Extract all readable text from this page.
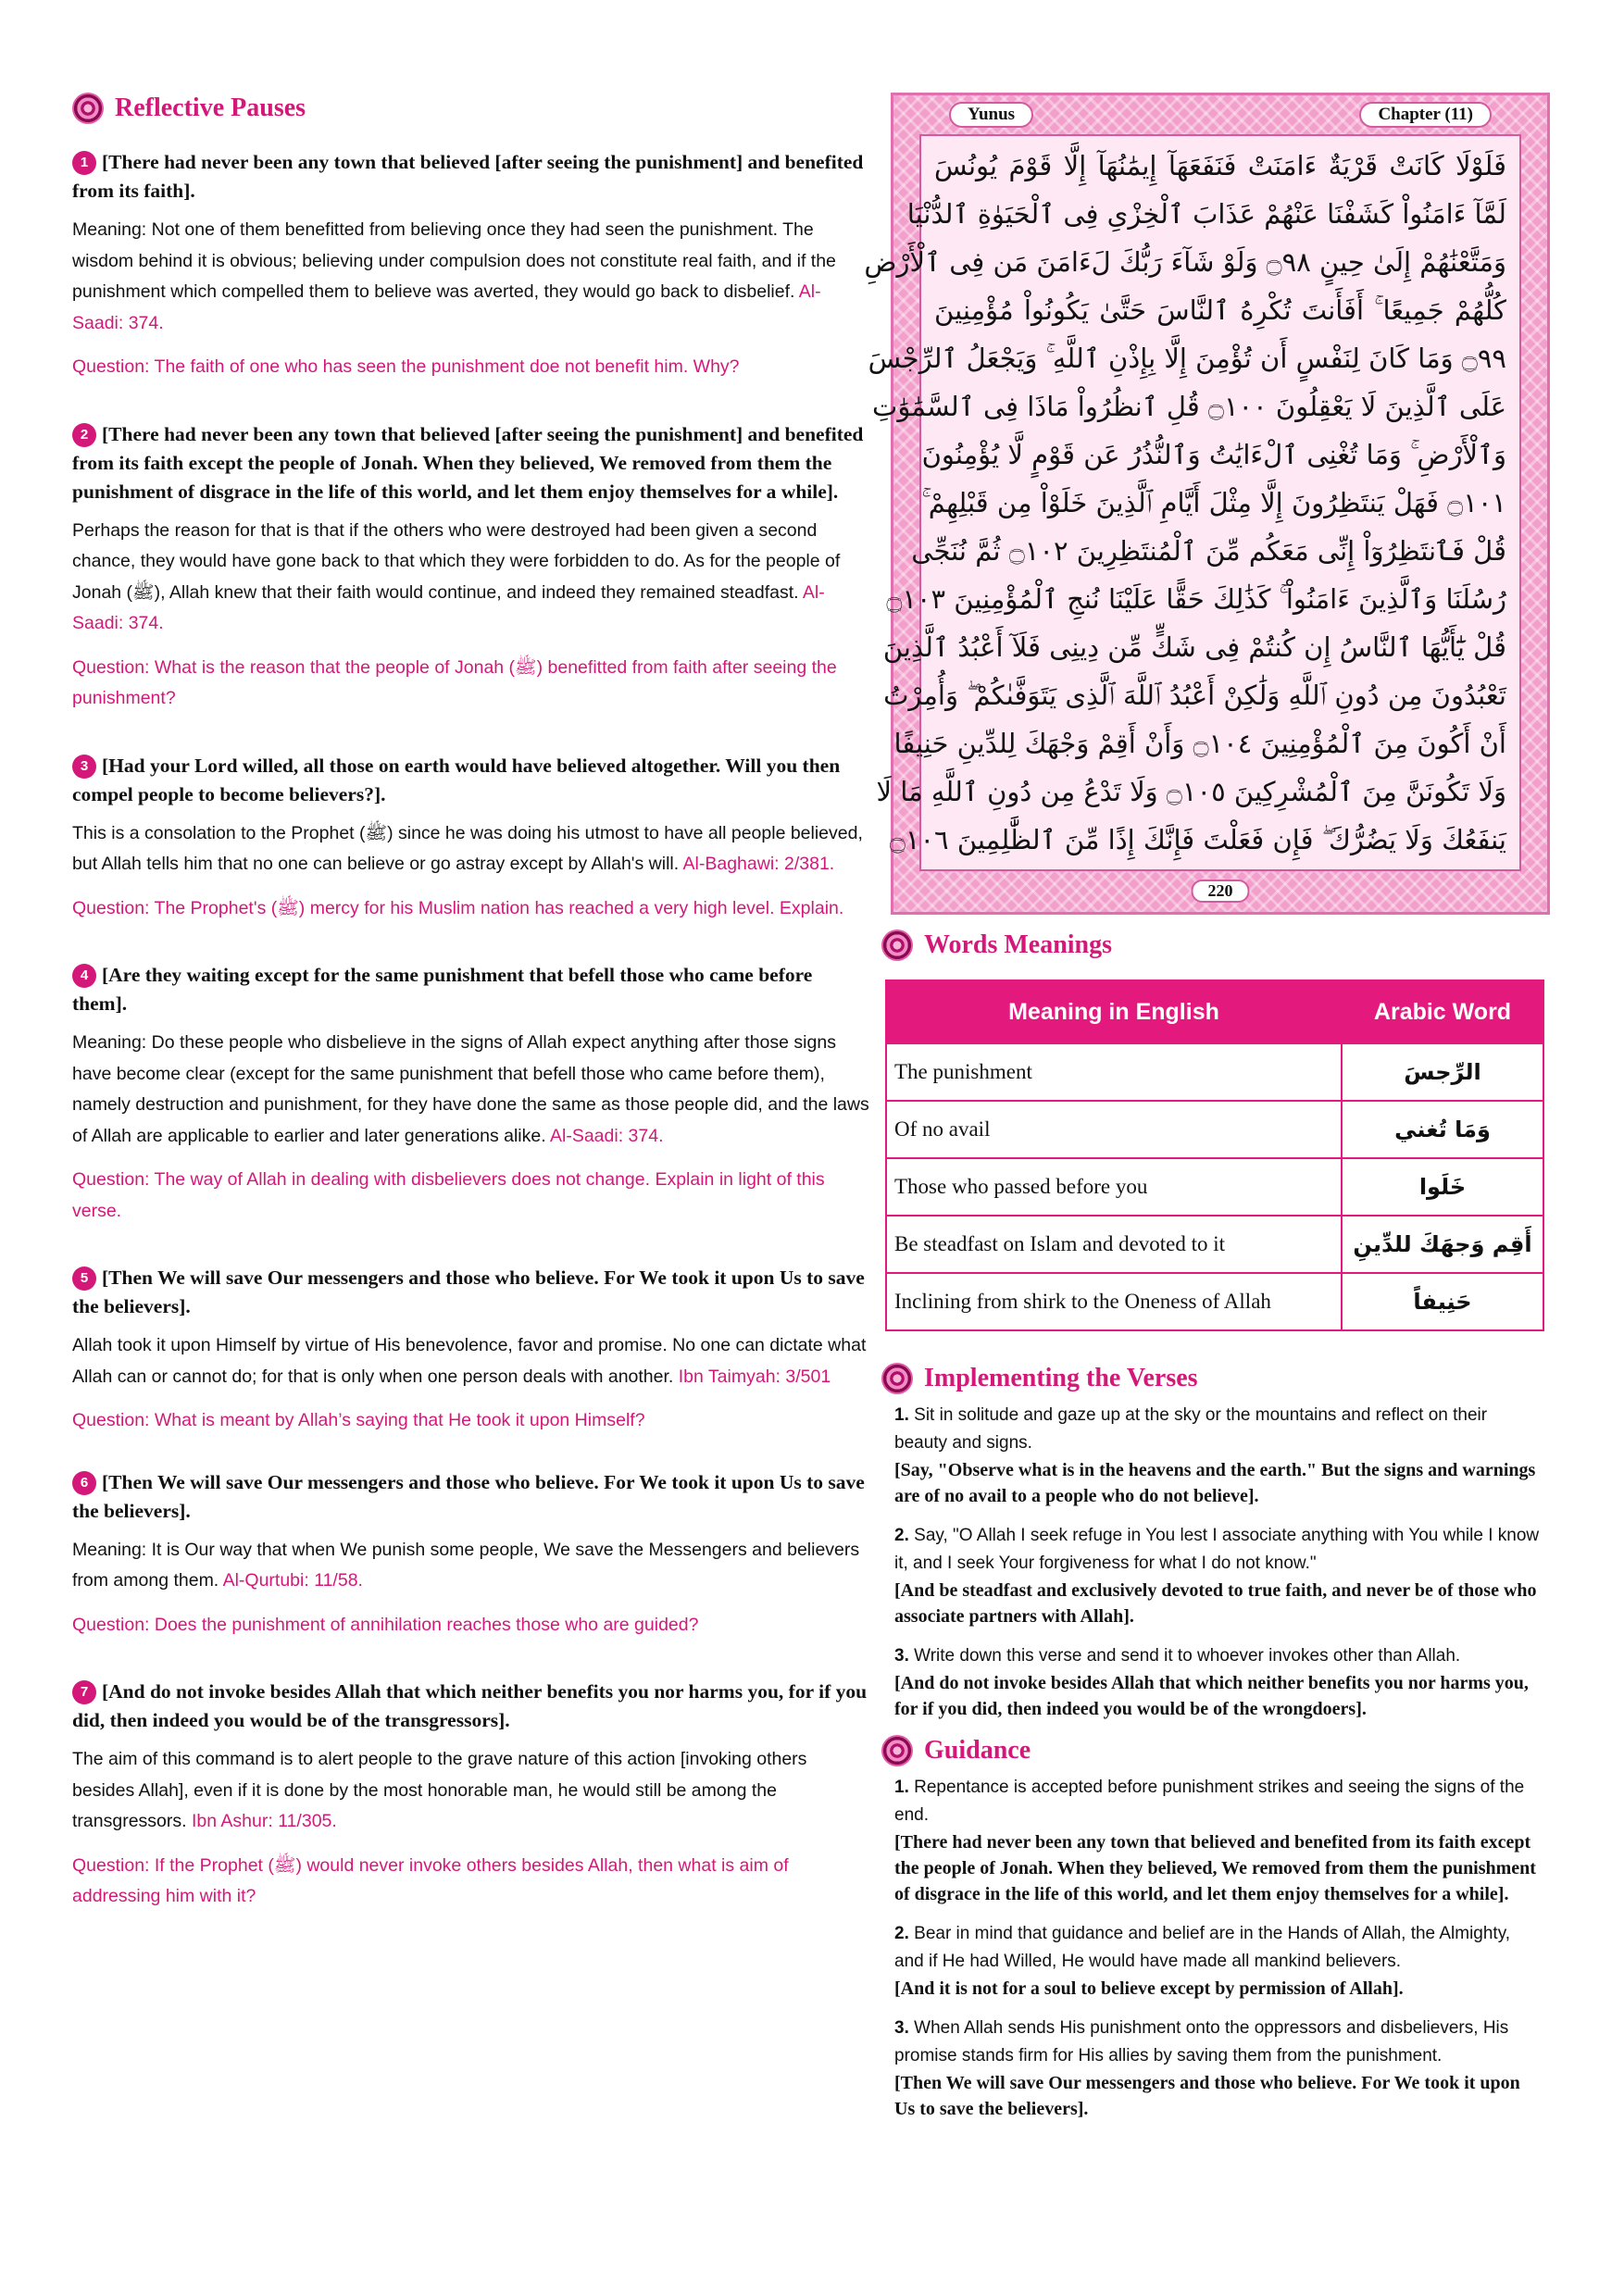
Reflective Pauses

1 [There had never been any town that believed [after seeing the punishment] and benefited from its faith].

Meaning: Not one of them benefitted from believing once they had seen the punishment. The wisdom behind it is obvious; believing under compulsion does not constitute real faith, and if the punishment which compelled them to believe was averted, they would go back to disbelief. Al-Saadi: 374.

Question: The faith of one who has seen the punishment doe not benefit him. Why?

2 [There had never been any town that believed [after seeing the punishment] and benefited from its faith except the people of Jonah. When they believed, We removed from them the punishment of disgrace in the life of this world, and let them enjoy themselves for a while].

Perhaps the reason for that is that if the others who were destroyed had been given a second chance, they would have gone back to that which they were forbidden to do. As for the people of Jonah (ﷺ), Allah knew that their faith would continue, and indeed they remained steadfast. Al-Saadi: 374.

Question: What is the reason that the people of Jonah (ﷺ) benefitted from faith after seeing the punishment?

3 [Had your Lord willed, all those on earth would have believed altogether. Will you then compel people to become believers?].

This is a consolation to the Prophet (ﷺ) since he was doing his utmost to have all people believed, but Allah tells him that no one can believe or go astray except by Allah's will. Al-Baghawi: 2/381.

Question: The Prophet's (ﷺ) mercy for his Muslim nation has reached a very high level. Explain.

4 [Are they waiting except for the same punishment that befell those who came before them].

Meaning: Do these people who disbelieve in the signs of Allah expect anything after those signs have become clear (except for the same punishment that befell those who came before them), namely destruction and punishment, for they have done the same as those people did, and the laws of Allah are applicable to earlier and later generations alike. Al-Saadi: 374.

Question: The way of Allah in dealing with disbelievers does not change. Explain in light of this verse.

5 [Then We will save Our messengers and those who believe. For We took it upon Us to save the believers].

Allah took it upon Himself by virtue of His benevolence, favor and promise. No one can dictate what Allah can or cannot do; for that is only when one person deals with another. Ibn Taimyah: 3/501

Question: What is meant by Allah’s saying that He took it upon Himself?

6 [Then We will save Our messengers and those who believe. For We took it upon Us to save the believers].

Meaning: It is Our way that when We punish some people, We save the Messengers and believers from among them. Al-Qurtubi: 11/58.

Question: Does the punishment of annihilation reaches those who are guided?

7 [And do not invoke besides Allah that which neither benefits you nor harms you, for if you did, then indeed you would be of the transgressors].

The aim of this command is to alert people to the grave nature of this action [invoking others besides Allah], even if it is done by the most honorable man, he would still be among the transgressors. Ibn Ashur: 11/305.

Question: If the Prophet (ﷺ) would never invoke others besides Allah, then what is aim of addressing him with it?

Yunus	Chapter (11)
فَلَوْلَا كَانَتْ قَرْيَةٌ ءَامَنَتْ فَنَفَعَهَآ إِيمَٰنُهَآ إِلَّا قَوْمَ يُونُسَ
لَمَّآ ءَامَنُواْ كَشَفْنَا عَنْهُمْ عَذَابَ ٱلْخِزْىِ فِى ٱلْحَيَوٰةِ ٱلدُّنْيَا
وَمَتَّعْنَٰهُمْ إِلَىٰ حِينٍ ۝٩٨ وَلَوْ شَآءَ رَبُّكَ لَءَامَنَ مَن فِى ٱلْأَرْضِ
كُلُّهُمْ جَمِيعًا ۚ أَفَأَنتَ تُكْرِهُ ٱلنَّاسَ حَتَّىٰ يَكُونُواْ مُؤْمِنِينَ
۝٩٩ وَمَا كَانَ لِنَفْسٍ أَن تُؤْمِنَ إِلَّا بِإِذْنِ ٱللَّهِ ۚ وَيَجْعَلُ ٱلرِّجْسَ
عَلَى ٱلَّذِينَ لَا يَعْقِلُونَ ۝١٠٠ قُلِ ٱنظُرُواْ مَاذَا فِى ٱلسَّمَٰوَٰتِ
وَٱلْأَرْضِ ۚ وَمَا تُغْنِى ٱلْءَايَٰتُ وَٱلنُّذُرُ عَن قَوْمٍ لَّا يُؤْمِنُونَ
۝١٠١ فَهَلْ يَنتَظِرُونَ إِلَّا مِثْلَ أَيَّامِ ٱلَّذِينَ خَلَوْاْ مِن قَبْلِهِمْ ۚ
قُلْ فَٱنتَظِرُوٓاْ إِنِّى مَعَكُم مِّنَ ٱلْمُنتَظِرِينَ ۝١٠٢ ثُمَّ نُنَجِّى
رُسُلَنَا وَٱلَّذِينَ ءَامَنُواْ ۚ كَذَٰلِكَ حَقًّا عَلَيْنَا نُنجِ ٱلْمُؤْمِنِينَ ۝١٠٣
قُلْ يَٰٓأَيُّهَا ٱلنَّاسُ إِن كُنتُمْ فِى شَكٍّ مِّن دِينِى فَلَآ أَعْبُدُ ٱلَّذِينَ
تَعْبُدُونَ مِن دُونِ ٱللَّهِ وَلَٰكِنْ أَعْبُدُ ٱللَّهَ ٱلَّذِى يَتَوَفَّىٰكُمْ ۖ وَأُمِرْتُ
أَنْ أَكُونَ مِنَ ٱلْمُؤْمِنِينَ ۝١٠٤ وَأَنْ أَقِمْ وَجْهَكَ لِلدِّينِ حَنِيفًا
وَلَا تَكُونَنَّ مِنَ ٱلْمُشْرِكِينَ ۝١٠٥ وَلَا تَدْعُ مِن دُونِ ٱللَّهِ مَا لَا
يَنفَعُكَ وَلَا يَضُرُّكَ ۖ فَإِن فَعَلْتَ فَإِنَّكَ إِذًا مِّنَ ٱلظَّٰلِمِينَ ۝١٠٦
220
Words Meanings
Meaning in English	Arabic Word
The punishment	الرِّجسَ
Of no avail	وَمَا تُغني
Those who passed before you	خَلَوا
Be steadfast on Islam and devoted to it	أَقِم وَجهَكَ للدِّينِ
Inclining from shirk to the Oneness of Allah	حَنِيفاً
Implementing the Verses

1. Sit in solitude and gaze up at the sky or the mountains and reflect on their beauty and signs.

[Say, "Observe what is in the heavens and the earth." But the signs and warnings are of no avail to a people who do not believe].

2. Say, "O Allah I seek refuge in You lest I associate anything with You while I know it, and I seek Your forgiveness for what I do not know."

[And be steadfast and exclusively devoted to true faith, and never be of those who associate partners with Allah].

3. Write down this verse and send it to whoever invokes other than Allah.

[And do not invoke besides Allah that which neither benefits you nor harms you, for if you did, then indeed you would be of the wrongdoers].

Guidance

1. Repentance is accepted before punishment strikes and seeing the signs of the end.

[There had never been any town that believed and benefited from its faith except the people of Jonah. When they believed, We removed from them the punishment of disgrace in the life of this world, and let them enjoy themselves for a while].

2. Bear in mind that guidance and belief are in the Hands of Allah, the Almighty, and if He had Willed, He would have made all mankind believers.

[And it is not for a soul to believe except by permission of Allah].

3. When Allah sends His punishment onto the oppressors and disbelievers, His promise stands firm for His allies by saving them from the punishment.

[Then We will save Our messengers and those who believe. For We took it upon Us to save the believers].
